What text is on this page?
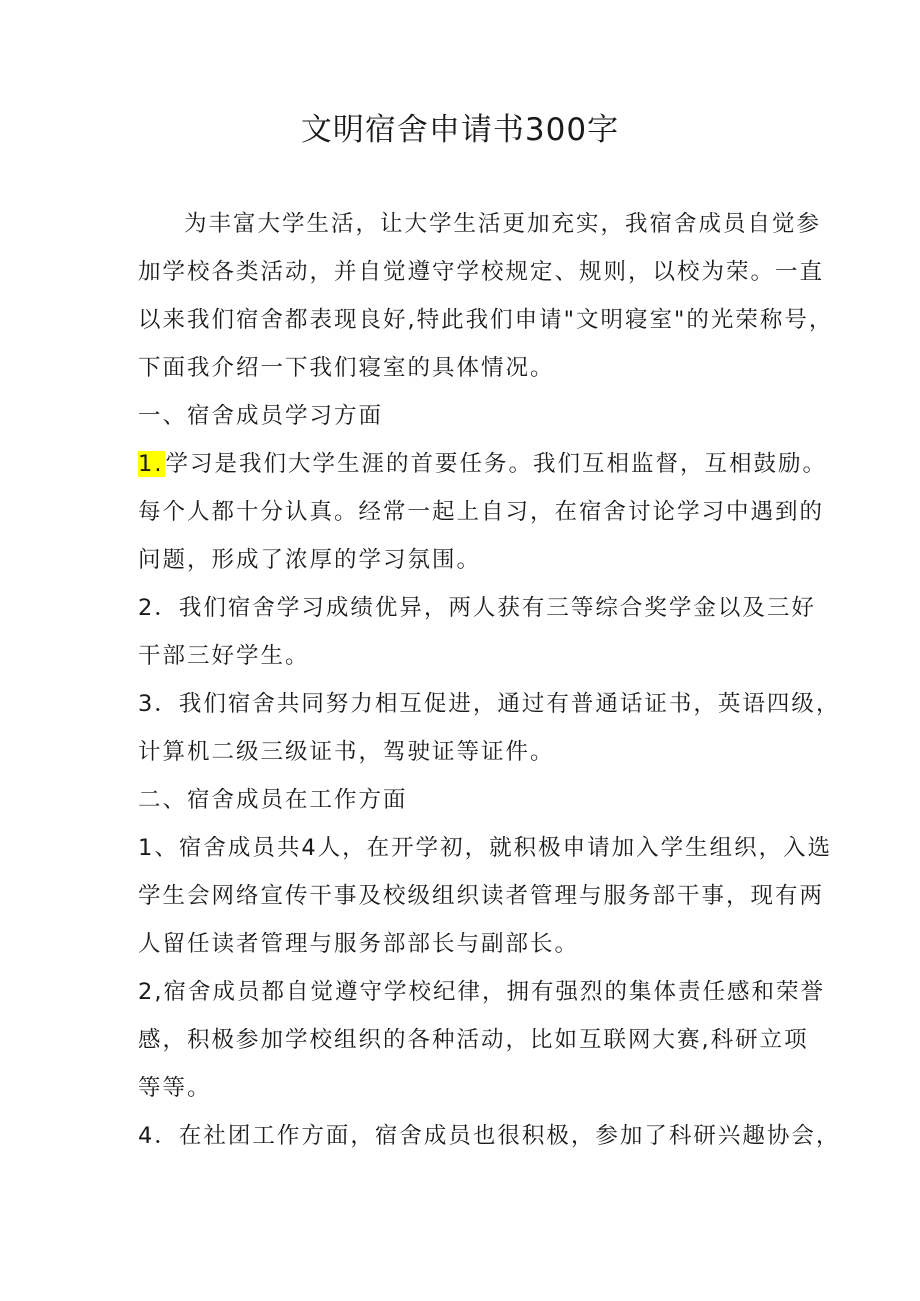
文明宿舍申请书300字
为丰富大学生活，让大学生活更加充实，我宿舍成员自觉参
加学校各类活动，并自觉遵守学校规定、规则，以校为荣。一直
以来我们宿舍都表现良好,特此我们申请"文明寝室"的光荣称号，
下面我介绍一下我们寝室的具体情况。
一、宿舍成员学习方面
1.学习是我们大学生涯的首要任务。我们互相监督，互相鼓励。
每个人都十分认真。经常一起上自习，在宿舍讨论学习中遇到的
问题，形成了浓厚的学习氛围。
2．我们宿舍学习成绩优异，两人获有三等综合奖学金以及三好
干部三好学生。
3．我们宿舍共同努力相互促进，通过有普通话证书，英语四级，
计算机二级三级证书，驾驶证等证件。
二、宿舍成员在工作方面
1、宿舍成员共4人，在开学初，就积极申请加入学生组织，入选
学生会网络宣传干事及校级组织读者管理与服务部干事，现有两
人留任读者管理与服务部部长与副部长。
2,宿舍成员都自觉遵守学校纪律，拥有强烈的集体责任感和荣誉
感，积极参加学校组织的各种活动，比如互联网大赛,科研立项
等等。
4．在社团工作方面，宿舍成员也很积极，参加了科研兴趣协会，
